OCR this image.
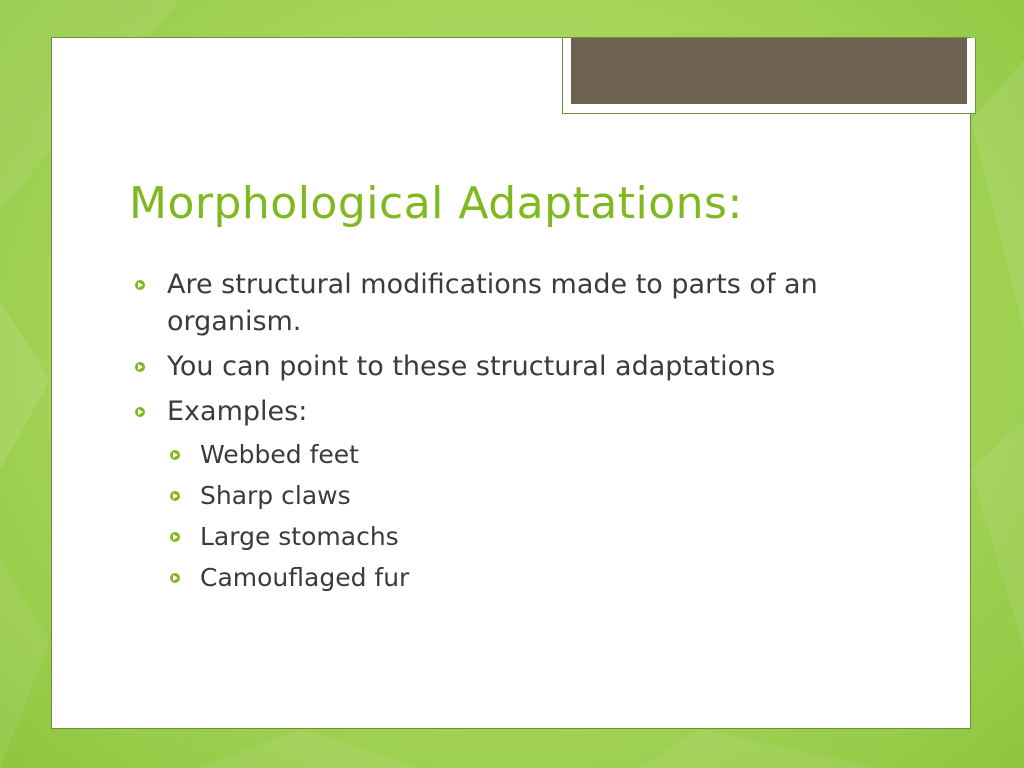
Morphological Adaptations:
Are structural modifications made to parts of an organism.
You can point to these structural adaptations
Examples:
Webbed feet
Sharp claws
Large stomachs
Camouflaged fur
